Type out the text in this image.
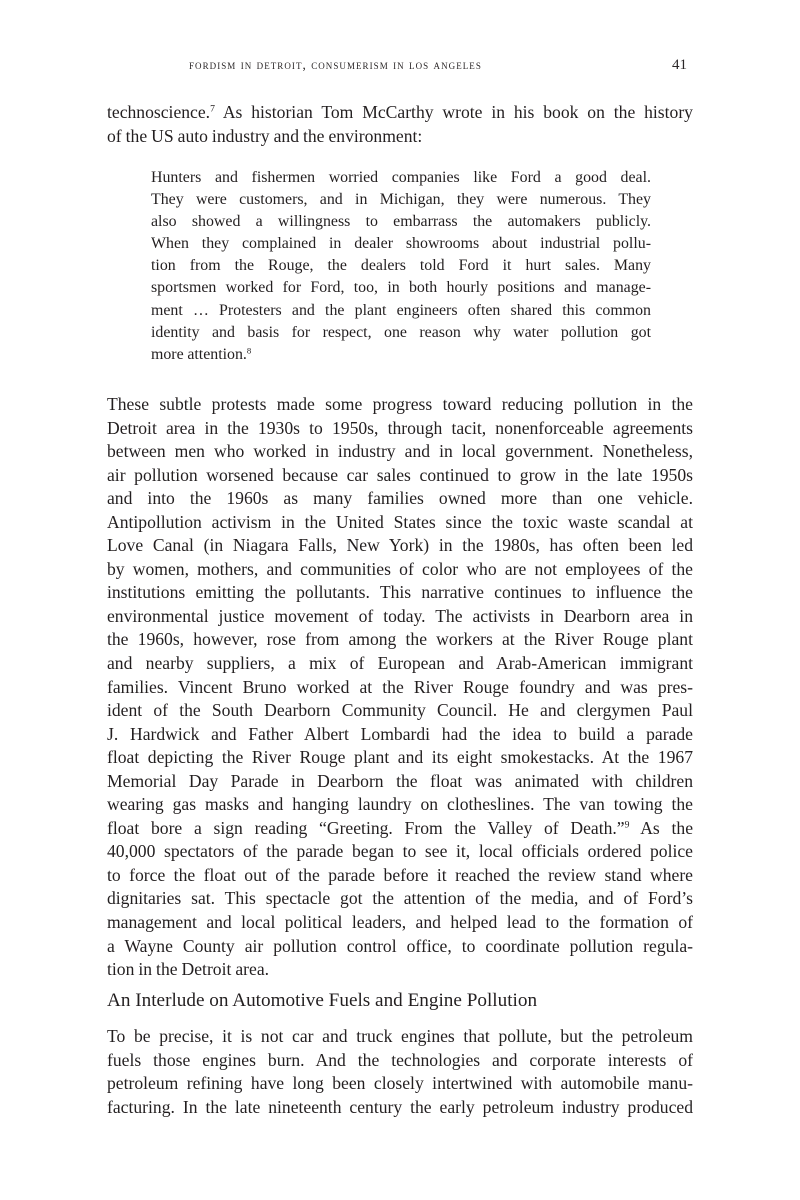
fordism in detroit, consumerism in los angeles	41
technoscience.$^7$ As historian Tom McCarthy wrote in his book on the history
of the US auto industry and the environment:
Hunters and fishermen worried companies like Ford a good deal.
They were customers, and in Michigan, they were numerous. They
also showed a willingness to embarrass the automakers publicly.
When they complained in dealer showrooms about industrial pollu-
tion from the Rouge, the dealers told Ford it hurt sales. Many
sportsmen worked for Ford, too, in both hourly positions and manage-
ment … Protesters and the plant engineers often shared this common
identity and basis for respect, one reason why water pollution got
more attention.$^8$
These subtle protests made some progress toward reducing pollution in the
Detroit area in the 1930s to 1950s, through tacit, nonenforceable agreements
between men who worked in industry and in local government. Nonetheless,
air pollution worsened because car sales continued to grow in the late 1950s
and into the 1960s as many families owned more than one vehicle.
Antipollution activism in the United States since the toxic waste scandal at
Love Canal (in Niagara Falls, New York) in the 1980s, has often been led
by women, mothers, and communities of color who are not employees of the
institutions emitting the pollutants. This narrative continues to influence the
environmental justice movement of today. The activists in Dearborn area in
the 1960s, however, rose from among the workers at the River Rouge plant
and nearby suppliers, a mix of European and Arab-American immigrant
families. Vincent Bruno worked at the River Rouge foundry and was pres-
ident of the South Dearborn Community Council. He and clergymen Paul
J. Hardwick and Father Albert Lombardi had the idea to build a parade
float depicting the River Rouge plant and its eight smokestacks. At the 1967
Memorial Day Parade in Dearborn the float was animated with children
wearing gas masks and hanging laundry on clotheslines. The van towing the
float bore a sign reading “Greeting. From the Valley of Death.”$^9$ As the
40,000 spectators of the parade began to see it, local officials ordered police
to force the float out of the parade before it reached the review stand where
dignitaries sat. This spectacle got the attention of the media, and of Ford’s
management and local political leaders, and helped lead to the formation of
a Wayne County air pollution control office, to coordinate pollution regula-
tion in the Detroit area.
An Interlude on Automotive Fuels and Engine Pollution
To be precise, it is not car and truck engines that pollute, but the petroleum
fuels those engines burn. And the technologies and corporate interests of
petroleum refining have long been closely intertwined with automobile manu-
facturing. In the late nineteenth century the early petroleum industry produced
